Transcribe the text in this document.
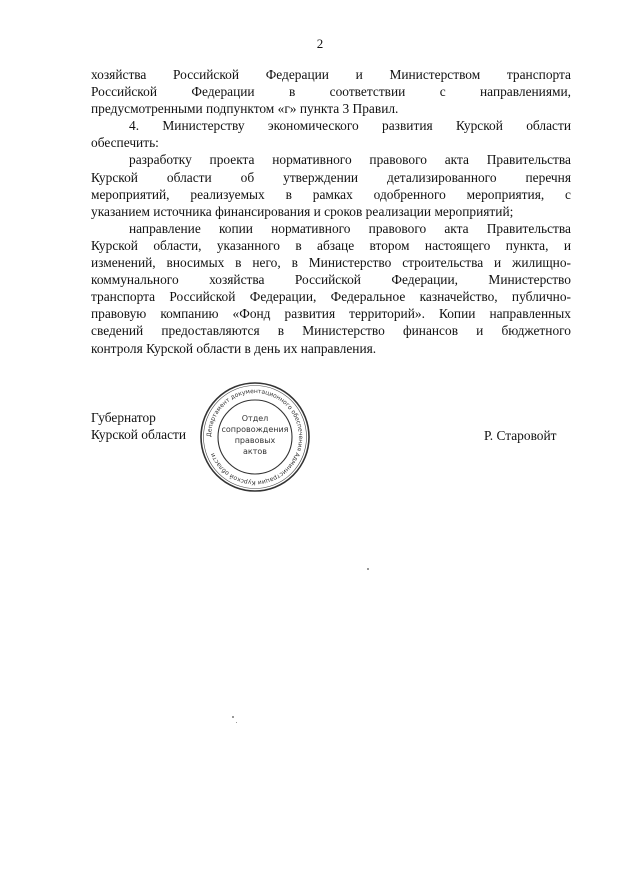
2
хозяйства Российской Федерации и Министерством транспорта
Российской Федерации в соответствии с направлениями,
предусмотренными подпунктом «г» пункта 3 Правил.
4. Министерству экономического развития Курской области
обеспечить:
разработку проекта нормативного правового акта Правительства
Курской области об утверждении детализированного перечня
мероприятий, реализуемых в рамках одобренного мероприятия, с
указанием источника финансирования и сроков реализации мероприятий;
направление копии нормативного правового акта Правительства
Курской области, указанного в абзаце втором настоящего пункта, и
изменений, вносимых в него, в Министерство строительства и жилищно-
коммунального хозяйства Российской Федерации, Министерство
транспорта Российской Федерации, Федеральное казначейство, публично-
правовую компанию «Фонд развития территорий». Копии направленных
сведений предоставляются в Министерство финансов и бюджетного
контроля Курской области в день их направления.
Губернатор
Курской области	Р. Старовойт
Департамент документационного обеспечения Администрации Курской области
Отдел
сопровождения
правовых
актов
